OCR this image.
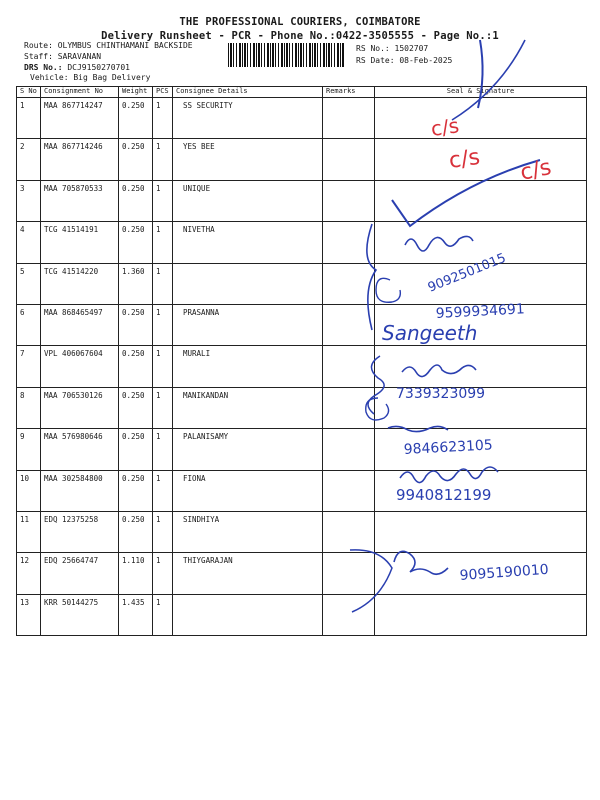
THE PROFESSIONAL COURIERS, COIMBATORE
Delivery Runsheet - PCR - Phone No.:0422-3505555 - Page No.:1
Route: OLYMBUS CHINTHAMANI BACKSIDE
Staff: SARAVANAN
DRS No.: DCJ9150270701
Vehicle: Big Bag Delivery
RS No.: 1502707
RS Date: 08-Feb-2025
S No	Consignment No	Weight	PCS	Consignee Details	Remarks	Seal & Signature
1	MAA 867714247	0.250	1	SS SECURITY		
2	MAA 867714246	0.250	1	YES BEE		
3	MAA 705870533	0.250	1	UNIQUE		
4	TCG 41514191	0.250	1	NIVETHA		
5	TCG 41514220	1.360	1			
6	MAA 868465497	0.250	1	PRASANNA		
7	VPL 406067604	0.250	1	MURALI		
8	MAA 706530126	0.250	1	MANIKANDAN		
9	MAA 576980646	0.250	1	PALANISAMY		
10	MAA 302584800	0.250	1	FIONA		
11	EDQ 12375258	0.250	1	SINDHIYA		
12	EDQ 25664747	1.110	1	THIYGARAJAN		
13	KRR 50144275	1.435	1			
c/s
c/s c/s
9092501015
9599934691
Sangeeth
7339323099
9846623105
9940812199
9095190010
